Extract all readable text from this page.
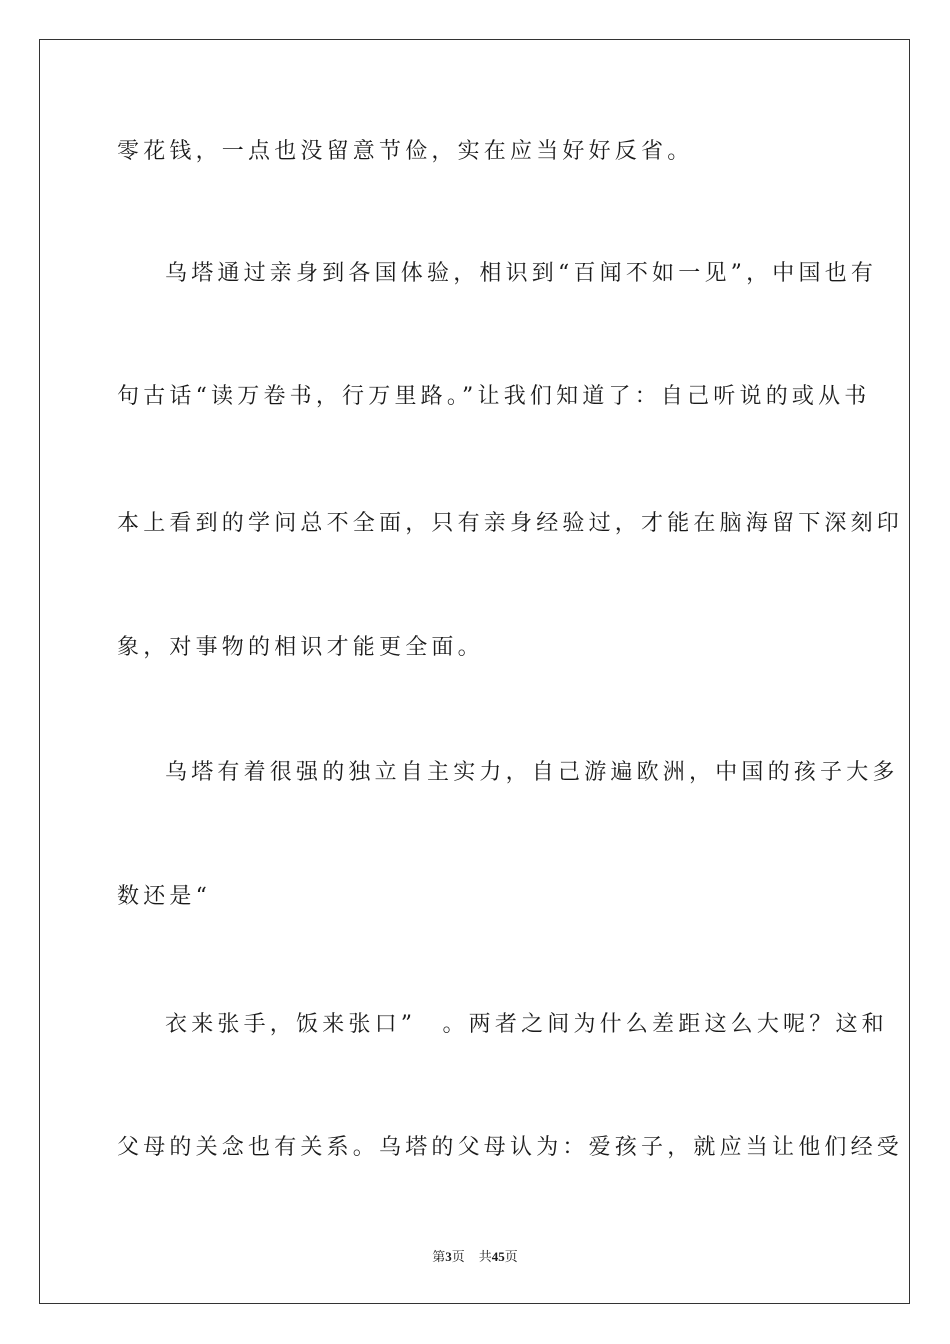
零花钱，一点也没留意节俭，实在应当好好反省。
乌塔通过亲身到各国体验，相识到“百闻不如一见”，中国也有
句古话“读万卷书，行万里路。”让我们知道了：自己听说的或从书
本上看到的学问总不全面，只有亲身经验过，才能在脑海留下深刻印
象，对事物的相识才能更全面。
乌塔有着很强的独立自主实力，自己游遍欧洲，中国的孩子大多
数还是“
衣来张手，饭来张口”　。两者之间为什么差距这么大呢？这和
父母的关念也有关系。乌塔的父母认为：爱孩子，就应当让他们经受
第3页 共45页
